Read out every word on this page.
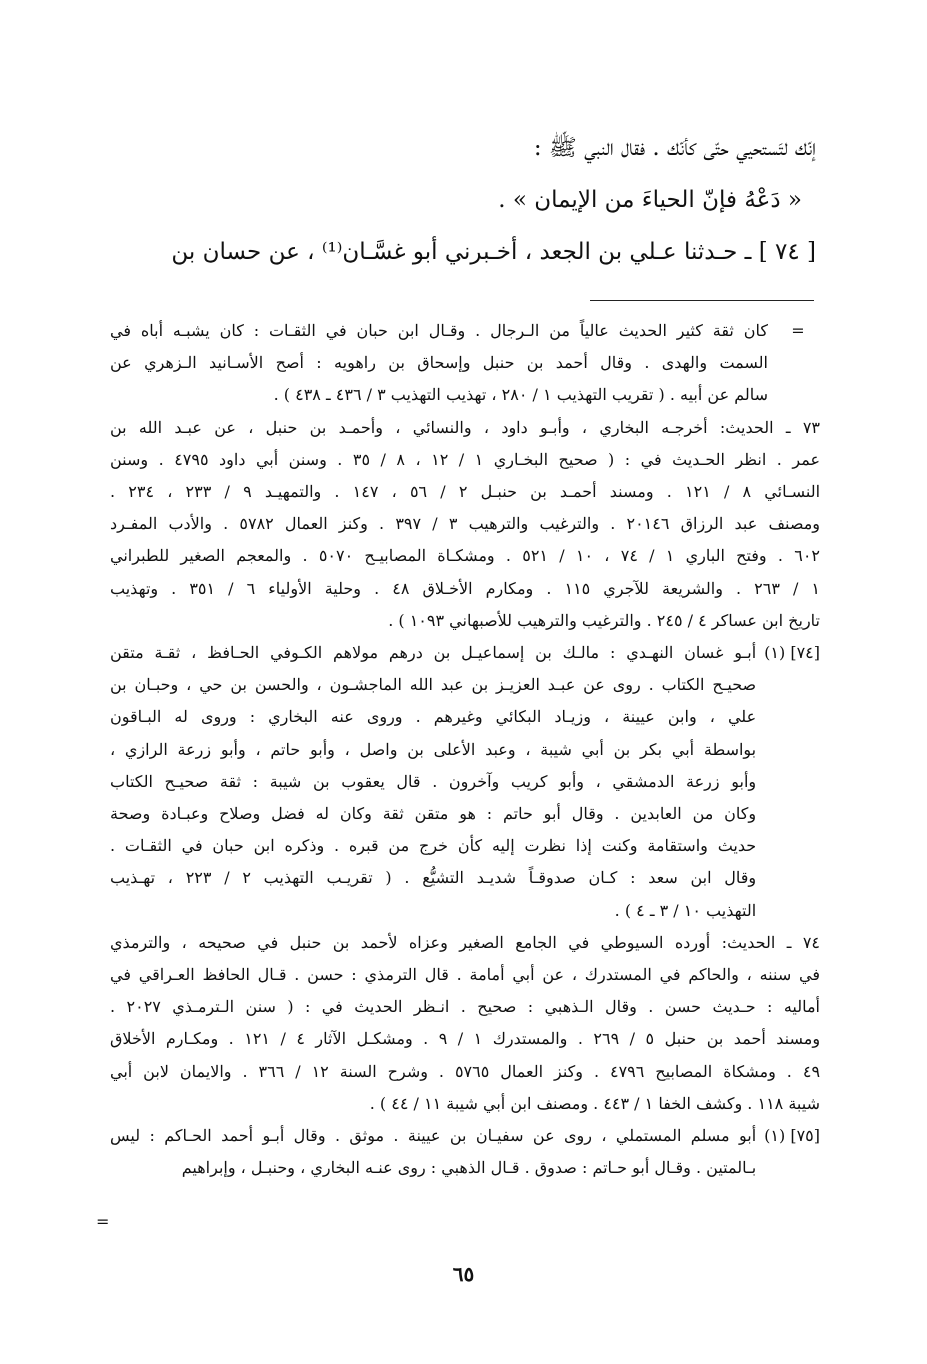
إنّك لتَستحيي حتّى كأنّك . فقال النبي ﷺ :

« دَعْهُ فإنّ الحياءَ من الإيمان » .

[ ٧٤ ] ـ حـدثنا عـلي بن الجعد ، أخـبرني أبو غسَّـان⁽¹⁾ ، عن حسان بن

=
كان ثقة كثير الحديث عالياً من الـرجال . وقـال ابن حبان في الثقـات : كان يشبـه أباه في
السمت والهدى . وقال أحمد بن حنبل وإسحاق بن راهويه : أصح الأسـانيد الـزهري عن
سالم عن أبيه . ( تقريب التهذيب ١ / ٢٨٠ ، تهذيب التهذيب ٣ / ٤٣٦ ـ ٤٣٨ ) .
٧٣ ـ الحديث: أخرجـه البخاري ، وأبـو داود ، والنسائي ، وأحمـد بن حنبل ، عن عبـد الله بن
عمر . انظر الحـديث في : ( صحيح البخـاري ١ / ١٢ ، ٨ / ٣٥ . وسنن أبي داود ٤٧٩٥ . وسنن
النسـائي ٨ / ١٢١ . ومسند أحمـد بن حنبـل ٢ / ٥٦ ، ١٤٧ . والتمهيـد ٩ / ٢٣٣ ، ٢٣٤ .
ومصنف عبد الرزاق ٢٠١٤٦ . والترغيب والترهيب ٣ / ٣٩٧ . وكنز العمال ٥٧٨٢ . والأدب المفـرد
٦٠٢ . وفتح الباري ١ / ٧٤ ، ١٠ / ٥٢١ . ومشكـاة المصابيـح ٥٠٧٠ . والمعجم الصغير للطبراني
١ / ٢٦٣ . والشريعة للآجري ١١٥ . ومكارم الأخـلاق ٤٨ . وحلية الأولياء ٦ / ٣٥١ . وتهذيب
تاريخ ابن عساكر ٤ / ٢٤٥ . والترغيب والترهيب للأصبهاني ١٠٩٣ ) .
[٧٤] (١)
أبـو غسان النهـدي : مالـك بن إسماعيـل بن درهم مولاهم الكـوفي الحـافظ ، ثقـة متقن
صحيـح الكتاب . روى عن عبـد العزيـز بن عبد الله الماجشـون ، والحسن بن حي ، وحبـان بن
علي ، وابن عيينة ، وزيـاد البكائي وغيرهم . وروى عنه البخاري : وروى له البـاقون
بواسطة أبي بكر بن أبي شيبة ، وعبد الأعلى بن واصل ، وأبو حاتم ، وأبو زرعة الرازي ،
وأبو زرعة الدمشقي ، وأبو كريب وآخرون . قال يعقوب بن شيبة : ثقة صحيـح الكتاب
وكان من العابدين . وقال أبو حاتم : هو متقن ثقة وكان له فضل وصلاح وعبـادة وصحة
حديث واستقامة وكنت إذا نظرت إليه كأن خرج من قبره . وذكره ابن حبان في الثقـات .
وقال ابن سعد : كـان صدوقـاً شديـد التشيُّع . ( تقريـب التهذيب ٢ / ٢٢٣ ، تهـذيب
التهذيب ١٠ / ٣ ـ ٤ ) .
٧٤ ـ الحديث: أورده السيوطي في الجامع الصغير وعزاه لأحمد بن حنبل في صحيحه ، والترمذي
في سننه ، والحاكم في المستدرك ، عن أبي أمامة . قال الترمذي : حسن . قـال الحافظ العـراقي في
أماليه : حـديث حسن . وقال الـذهبي : صحيح . انـظر الحديث في : ( سنن الـترمـذي ٢٠٢٧ .
ومسند أحمد بن حنبل ٥ / ٢٦٩ . والمستدرك ١ / ٩ . ومشكـل الآثار ٤ / ١٢١ . ومكـارم الأخلاق
٤٩ . ومشكاة المصابيح ٤٧٩٦ . وكنز العمال ٥٧٦٥ . وشرح السنة ١٢ / ٣٦٦ . والايمان لابن أبي
شيبة ١١٨ . وكشف الخفا ١ / ٤٤٣ . ومصنف ابن أبي شيبة ١١ / ٤٤ ) .
[٧٥] (١)
أبو مسلم المستملي ، روى عن سفيـان بن عيينة . موثق . وقال أبـو أحمد الحـاكم : ليس
بـالمتين . وقـال أبو حـاتم : صدوق . قـال الذهبي : روى عنـه البخاري ، وحنبـل ، وإبراهيم
=
٦٥
